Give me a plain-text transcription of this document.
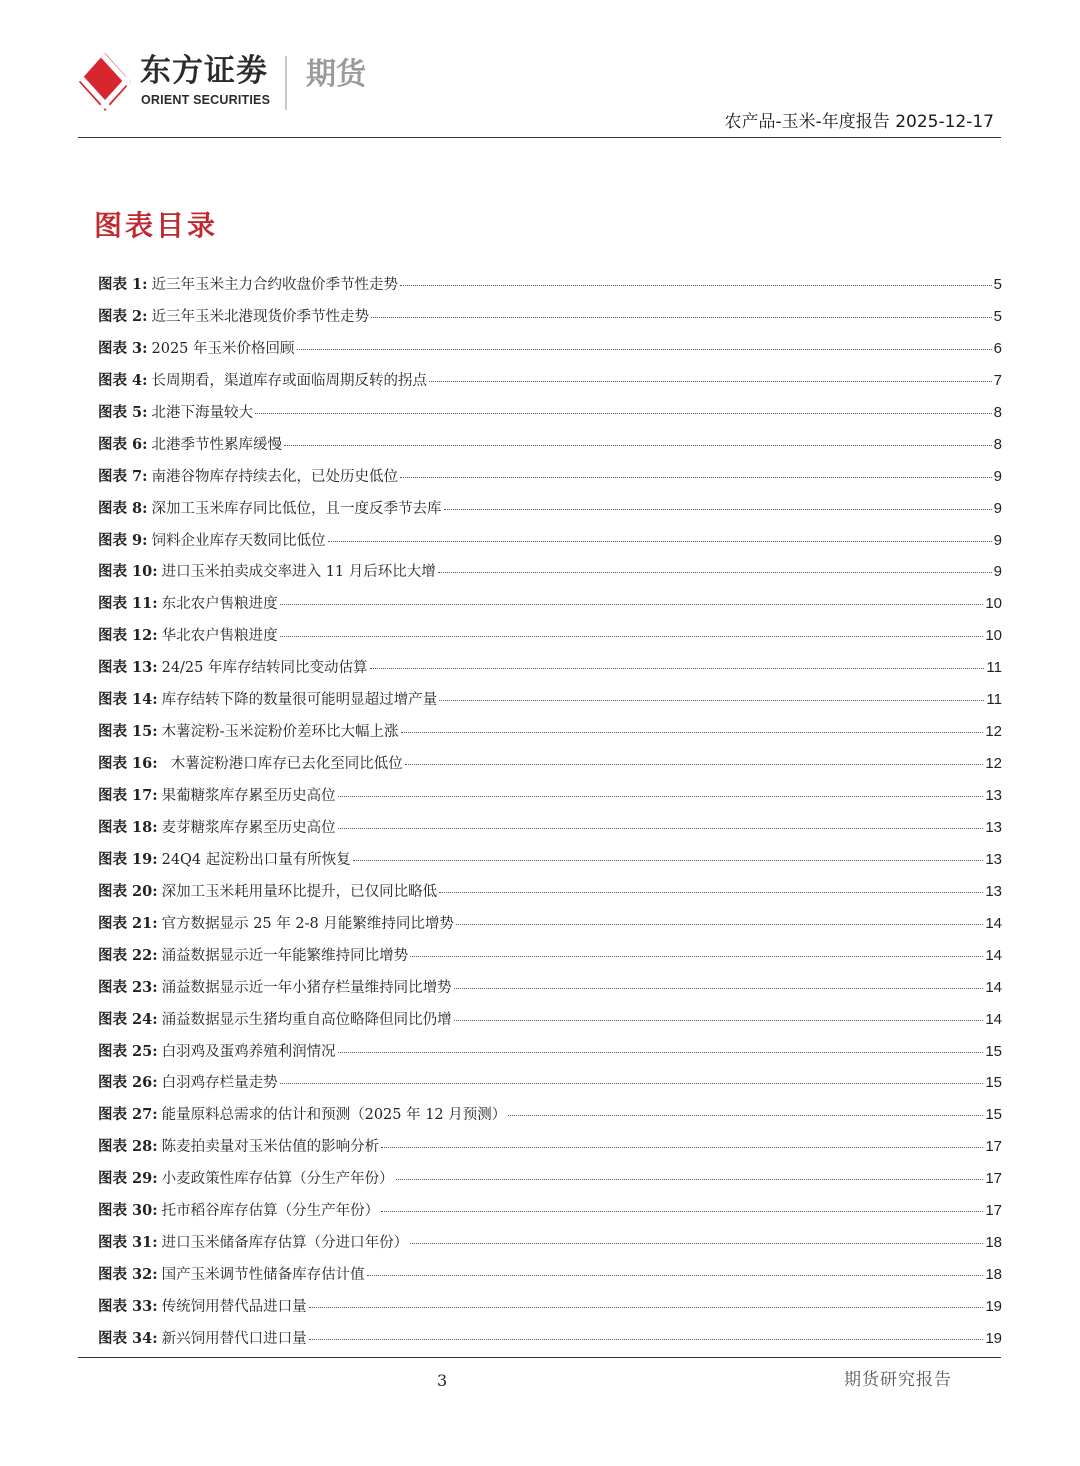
东方证劵
ORIENT SECURITIES
期货
农产品-玉米-年度报告 2025-12-17
图表目录
图表 1: 近三年玉米主力合约收盘价季节性走势	5
图表 2: 近三年玉米北港现货价季节性走势	5
图表 3: 2025 年玉米价格回顾	6
图表 4: 长周期看，渠道库存或面临周期反转的拐点	7
图表 5: 北港下海量较大	8
图表 6: 北港季节性累库缓慢	8
图表 7: 南港谷物库存持续去化，已处历史低位	9
图表 8: 深加工玉米库存同比低位，且一度反季节去库	9
图表 9: 饲料企业库存天数同比低位	9
图表 10: 进口玉米拍卖成交率进入 11 月后环比大增	9
图表 11: 东北农户售粮进度	10
图表 12: 华北农户售粮进度	10
图表 13: 24/25 年库存结转同比变动估算	11
图表 14: 库存结转下降的数量很可能明显超过增产量	11
图表 15: 木薯淀粉-玉米淀粉价差环比大幅上涨	12
图表 16: 木薯淀粉港口库存已去化至同比低位	12
图表 17: 果葡糖浆库存累至历史高位	13
图表 18: 麦芽糖浆库存累至历史高位	13
图表 19: 24Q4 起淀粉出口量有所恢复	13
图表 20: 深加工玉米耗用量环比提升，已仅同比略低	13
图表 21: 官方数据显示 25 年 2-8 月能繁维持同比增势	14
图表 22: 涌益数据显示近一年能繁维持同比增势	14
图表 23: 涌益数据显示近一年小猪存栏量维持同比增势	14
图表 24: 涌益数据显示生猪均重自高位略降但同比仍增	14
图表 25: 白羽鸡及蛋鸡养殖利润情况	15
图表 26: 白羽鸡存栏量走势	15
图表 27: 能量原料总需求的估计和预测（2025 年 12 月预测）	15
图表 28: 陈麦拍卖量对玉米估值的影响分析	17
图表 29: 小麦政策性库存估算（分生产年份）	17
图表 30: 托市稻谷库存估算（分生产年份）	17
图表 31: 进口玉米储备库存估算（分进口年份）	18
图表 32: 国产玉米调节性储备库存估计值	18
图表 33: 传统饲用替代品进口量	19
图表 34: 新兴饲用替代口进口量	19
3	期货研究报告
